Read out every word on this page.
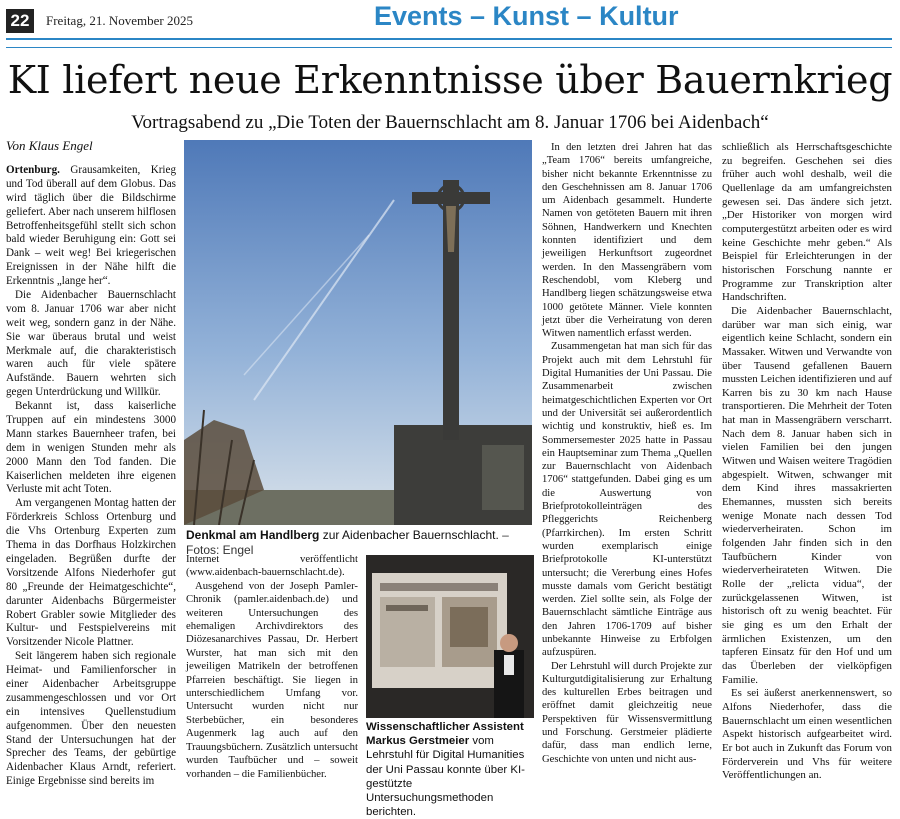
22	Freitag, 21. November 2025	Events – Kunst – Kultur
KI liefert neue Erkenntnisse über Bauernkrieg
Vortragsabend zu „Die Toten der Bauernschlacht am 8. Januar 1706 bei Aidenbach“
Von Klaus Engel

Ortenburg. Grausamkeiten, Krieg und Tod überall auf dem Globus. Das wird täglich über die Bildschirme geliefert. Aber nach unserem hilflosen Betroffenheitsgefühl stellt sich schon bald wieder Beruhigung ein: Gott sei Dank – weit weg! Bei kriegerischen Ereignissen in der Nähe hilft die Erkenntnis „lange her“.

Die Aidenbacher Bauernschlacht vom 8. Januar 1706 war aber nicht weit weg, sondern ganz in der Nähe. Sie war überaus brutal und weist Merkmale auf, die charakteristisch waren auch für viele spätere Aufstände. Bauern wehrten sich gegen Unterdrückung und Willkür.

Bekannt ist, dass kaiserliche Truppen auf ein mindestens 3000 Mann starkes Bauernheer trafen, bei dem in wenigen Stunden mehr als 2000 Mann den Tod fanden. Die Kaiserlichen meldeten ihre eigenen Verluste mit acht Toten.

Am vergangenen Montag hatten der Förderkreis Schloss Ortenburg und die Vhs Ortenburg Experten zum Thema in das Dorfhaus Holzkirchen eingeladen. Begrüßen durfte der Vorsitzende Alfons Niederhofer gut 80 „Freunde der Heimatgeschichte“, darunter Aidenbachs Bürgermeister Robert Grabler sowie Mitglieder des Kultur- und Festspielvereins mit Vorsitzender Nicole Plattner.

Seit längerem haben sich regionale Heimat- und Familienforscher in einer Aidenbacher Arbeitsgruppe zusammengeschlossen und vor Ort ein intensives Quellenstudium aufgenommen. Über den neuesten Stand der Untersuchungen hat der Sprecher des Teams, der gebürtige Aidenbacher Klaus Arndt, referiert. Einige Ergebnisse sind bereits im

Denkmal am Handlberg zur Aidenbacher Bauernschlacht. – Fotos: Engel

Internet veröffentlicht (www.aidenbach-bauernschlacht.de).

Ausgehend von der Joseph Pamler-Chronik (pamler.aidenbach.de) und weiteren Untersuchungen des ehemaligen Archivdirektors des Diözesanarchives Passau, Dr. Herbert Wurster, hat man sich mit den jeweiligen Matrikeln der betroffenen Pfarreien beschäftigt. Sie liegen in unterschiedlichem Umfang vor. Untersucht wurden nicht nur Sterbebücher, ein besonderes Augenmerk lag auch auf den Trauungsbüchern. Zusätzlich untersucht wurden Taufbücher und – soweit vorhanden – die Familienbücher.

Wissenschaftlicher Assistent Markus Gerstmeier vom Lehrstuhl für Digital Humanities der Uni Passau konnte über KI-gestützte Untersuchungsmethoden berichten.

In den letzten drei Jahren hat das „Team 1706“ bereits umfangreiche, bisher nicht bekannte Erkenntnisse zu den Geschehnissen am 8. Januar 1706 um Aidenbach gesammelt. Hunderte Namen von getöteten Bauern mit ihren Söhnen, Handwerkern und Knechten konnten identifiziert und dem jeweiligen Herkunftsort zugeordnet werden. In den Massengräbern vom Reschendobl, vom Kleberg und Handlberg liegen schätzungsweise etwa 1000 getötete Männer. Viele konnten jetzt über die Verheiratung von deren Witwen namentlich erfasst werden.

Zusammengetan hat man sich für das Projekt auch mit dem Lehrstuhl für Digital Humanities der Uni Passau. Die Zusammenarbeit zwischen heimatgeschichtlichen Experten vor Ort und der Universität sei außerordentlich wichtig und konstruktiv, hieß es. Im Sommersemester 2025 hatte in Passau ein Hauptseminar zum Thema „Quellen zur Bauernschlacht von Aidenbach 1706“ stattgefunden. Dabei ging es um die Auswertung von Briefprotokolleinträgen des Pfleggerichts Reichenberg (Pfarrkirchen). Im ersten Schritt wurden exemplarisch einige Briefprotokolle KI-unterstützt untersucht; die Vererbung eines Hofes musste damals vom Gericht bestätigt werden. Ziel sollte sein, als Folge der Bauernschlacht sämtliche Einträge aus den Jahren 1706-1709 auf bisher unbekannte Hinweise zu Erbfolgen aufzuspüren.

Der Lehrstuhl will durch Projekte zur Kulturgutdigitalisierung zur Erhaltung des kulturellen Erbes beitragen und eröffnet damit gleichzeitig neue Perspektiven für Wissensvermittlung und Forschung. Gerstmeier plädierte dafür, dass man endlich lerne, Geschichte von unten und nicht aus-

schließlich als Herrschaftsgeschichte zu begreifen. Geschehen sei dies früher auch wohl deshalb, weil die Quellenlage da am umfangreichsten gewesen sei. Das ändere sich jetzt. „Der Historiker von morgen wird computergestützt arbeiten oder es wird keine Geschichte mehr geben.“ Als Beispiel für Erleichterungen in der historischen Forschung nannte er Programme zur Transkription alter Handschriften.

Die Aidenbacher Bauernschlacht, darüber war man sich einig, war eigentlich keine Schlacht, sondern ein Massaker. Witwen und Verwandte von über Tausend gefallenen Bauern mussten Leichen identifizieren und auf Karren bis zu 30 km nach Hause transportieren. Die Mehrheit der Toten hat man in Massengräbern verscharrt. Nach dem 8. Januar haben sich in vielen Familien bei den jungen Witwen und Waisen weitere Tragödien abgespielt. Witwen, schwanger mit dem Kind ihres massakrierten Ehemannes, mussten sich bereits wenige Monate nach dessen Tod wiederverheiraten. Schon im folgenden Jahr finden sich in den Taufbüchern Kinder von wiederverheirateten Witwen. Die Rolle der „relicta vidua“, der zurückgelassenen Witwen, ist historisch oft zu wenig beachtet. Für sie ging es um den Erhalt der ärmlichen Existenzen, um den tapferen Einsatz für den Hof und um das Überleben der vielköpfigen Familie.

Es sei äußerst anerkennenswert, so Alfons Niederhofer, dass die Bauernschlacht um einen wesentlichen Aspekt historisch aufgearbeitet wird. Er bot auch in Zukunft das Forum von Förderverein und Vhs für weitere Veröffentlichungen an.
